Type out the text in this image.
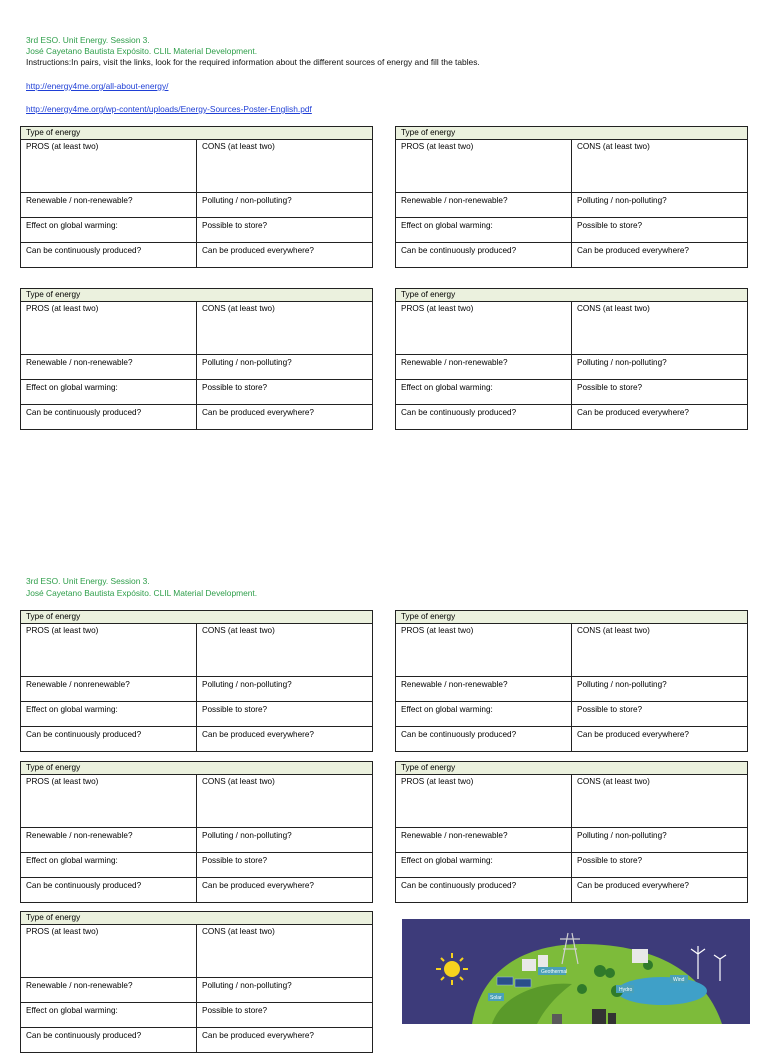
3rd ESO. Unit Energy. Session 3.
José Cayetano Bautista Expósito. CLIL Material Development.
Instructions:In pairs, visit the links, look for the required information about the different sources of energy and fill the tables.
http://energy4me.org/all-about-energy/
http://energy4me.org/wp-content/uploads/Energy-Sources-Poster-English.pdf
3rd ESO. Unit Energy. Session 3.
José Cayetano Bautista Expósito. CLIL Material Development.
Type of energy
PROS (at least two)	CONS (at least two)
Renewable / non-renewable?	Polluting / non-polluting?
Effect on global warming:	Possible to store?
Can be continuously produced?	Can be produced everywhere?
Type of energy
PROS (at least two)	CONS (at least two)
Renewable / non-renewable?	Polluting / non-polluting?
Effect on global warming:	Possible to store?
Can be continuously produced?	Can be produced everywhere?
Type of energy
PROS (at least two)	CONS (at least two)
Renewable / non-renewable?	Polluting / non-polluting?
Effect on global warming:	Possible to store?
Can be continuously produced?	Can be produced everywhere?
Type of energy
PROS (at least two)	CONS (at least two)
Renewable / non-renewable?	Polluting / non-polluting?
Effect on global warming:	Possible to store?
Can be continuously produced?	Can be produced everywhere?
Type of energy
PROS (at least two)	CONS (at least two)
Renewable / nonrenewable?	Polluting / non-polluting?
Effect on global warming:	Possible to store?
Can be continuously produced?	Can be produced everywhere?
Type of energy
PROS (at least two)	CONS (at least two)
Renewable / non-renewable?	Polluting / non-polluting?
Effect on global warming:	Possible to store?
Can be continuously produced?	Can be produced everywhere?
Type of energy
PROS (at least two)	CONS (at least two)
Renewable / non-renewable?	Polluting / non-polluting?
Effect on global warming:	Possible to store?
Can be continuously produced?	Can be produced everywhere?
Type of energy
PROS (at least two)	CONS (at least two)
Renewable / non-renewable?	Polluting / non-polluting?
Effect on global warming:	Possible to store?
Can be continuously produced?	Can be produced everywhere?
Type of energy
PROS (at least two)	CONS (at least two)
Renewable / non-renewable?	Polluting / non-polluting?
Effect on global warming:	Possible to store?
Can be continuously produced?	Can be produced everywhere?
Geothermal
Hydro
Wind
Solar
